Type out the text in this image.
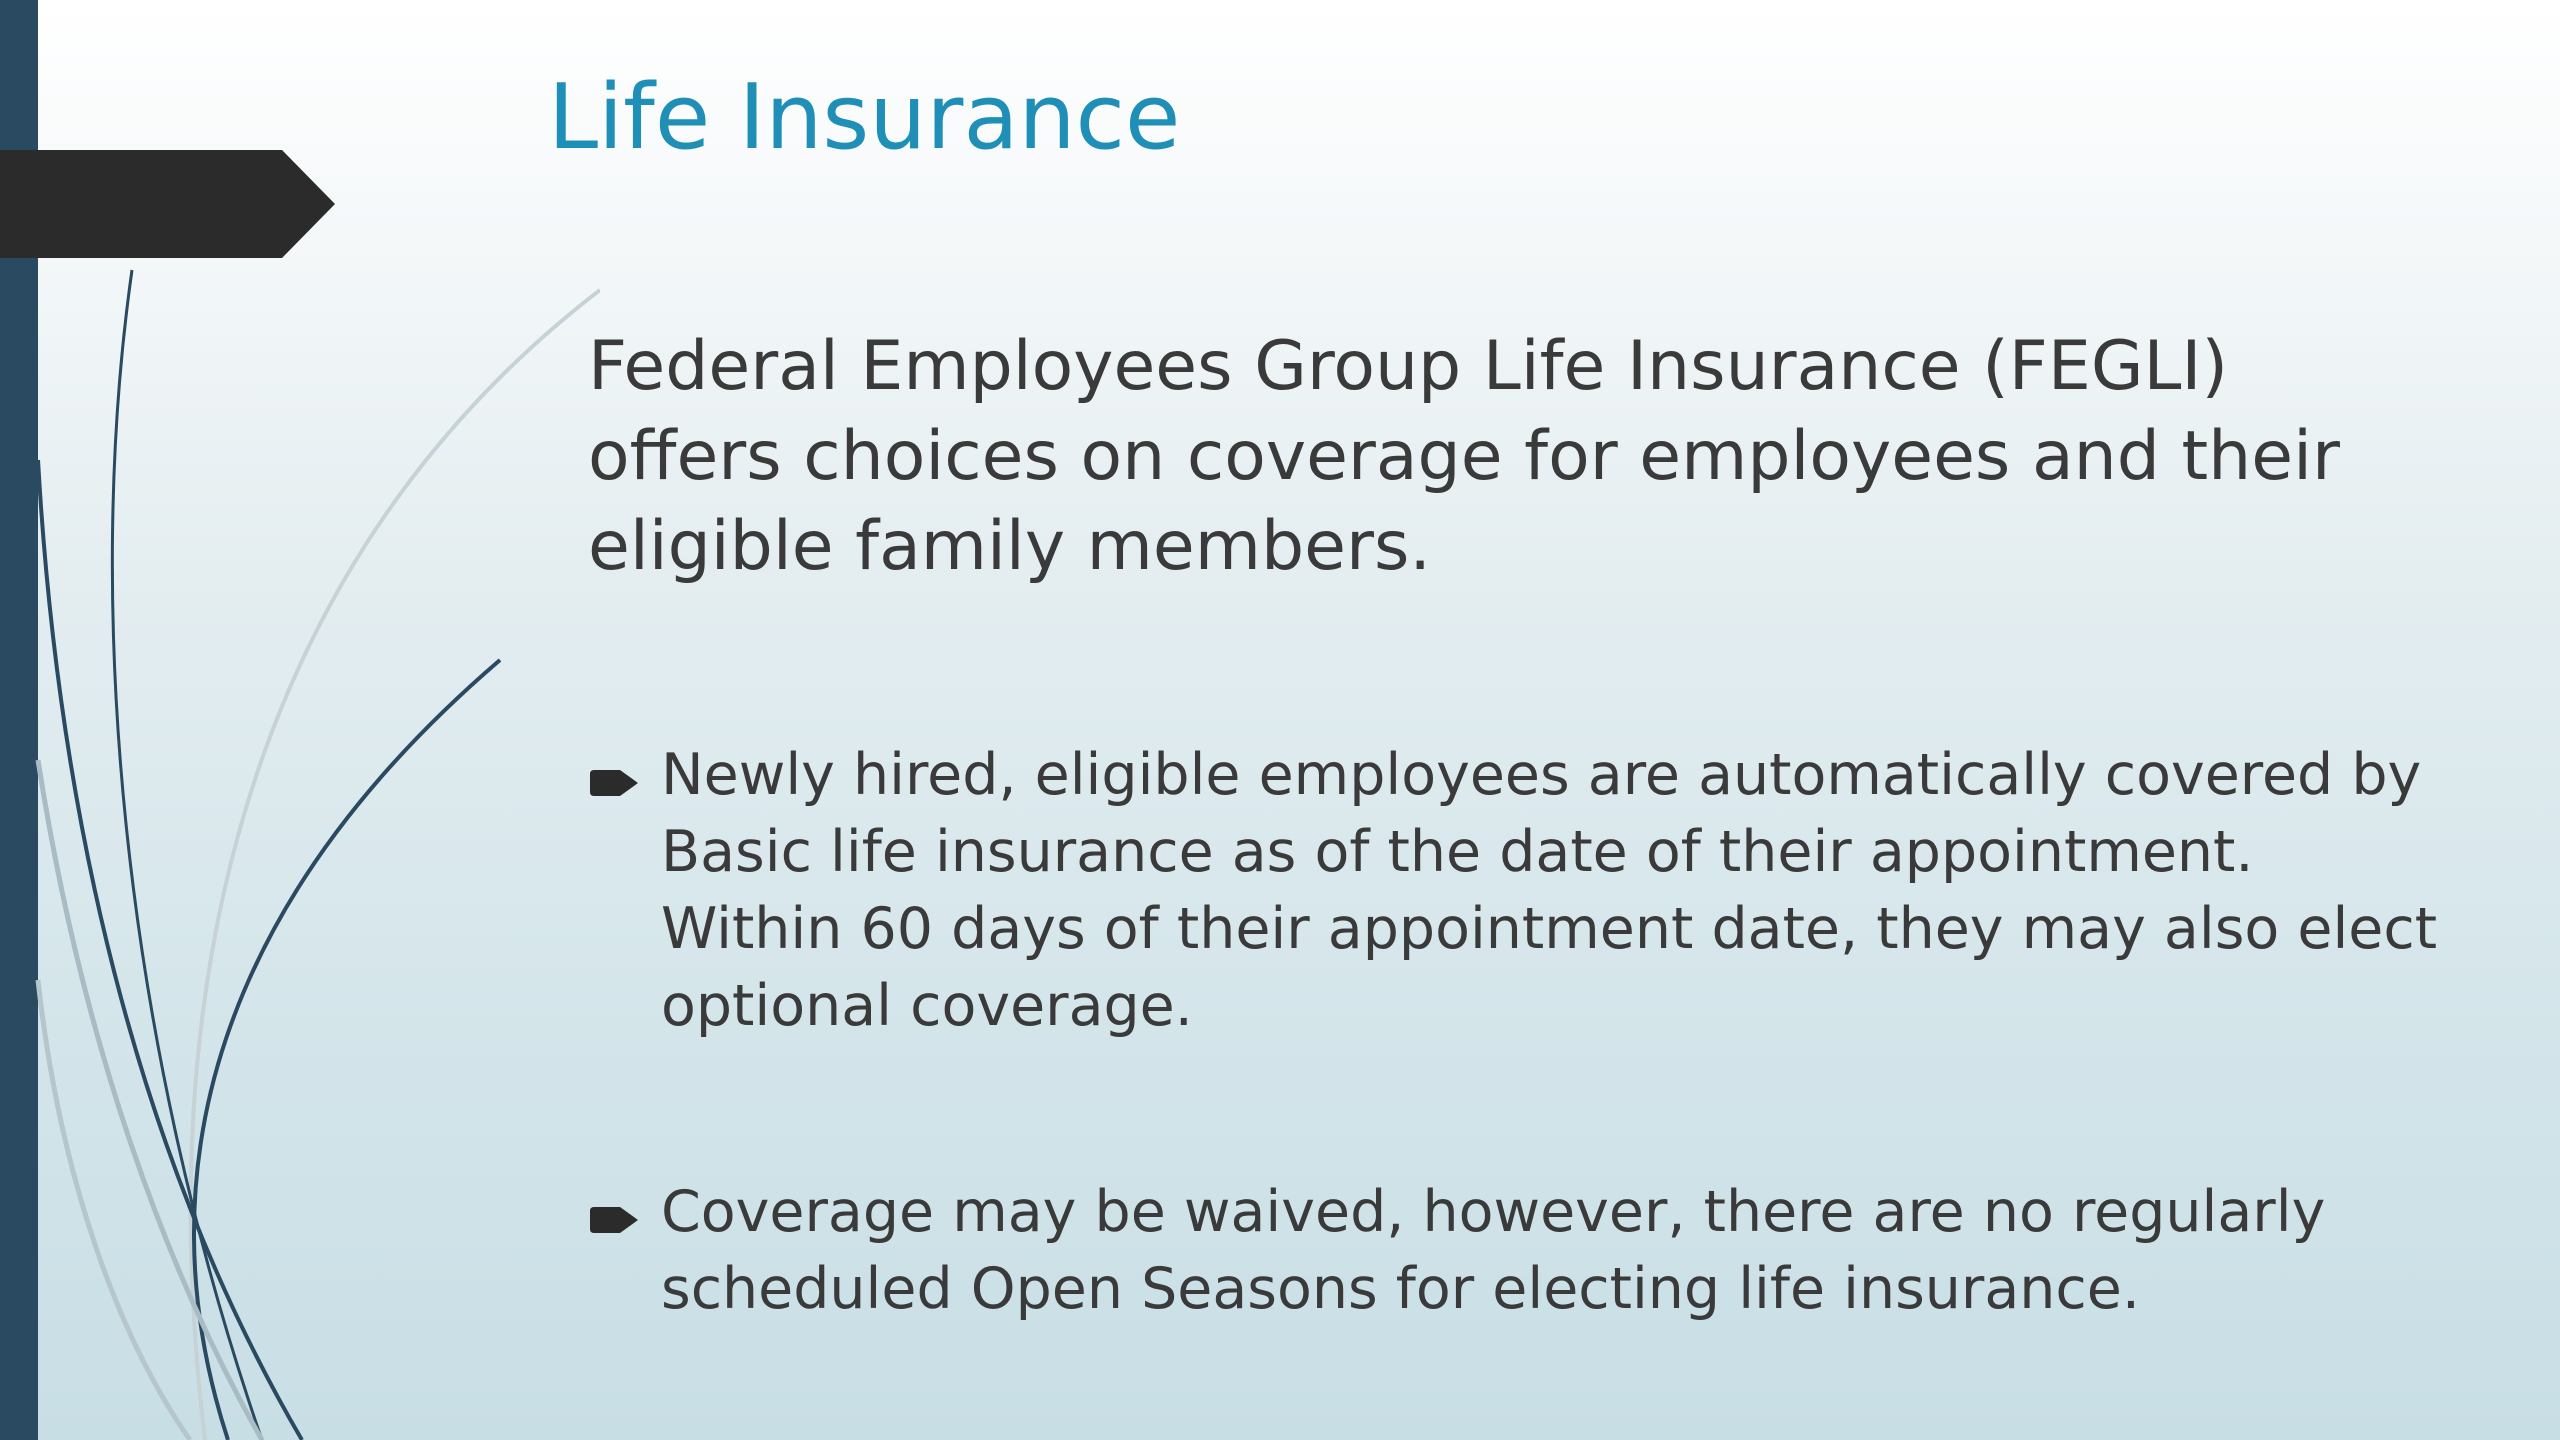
Life Insurance

Federal Employees Group Life Insurance (FEGLI) offers choices on coverage for employees and their eligible family members.

Newly hired, eligible employees are automatically covered by Basic life insurance as of the date of their appointment. Within 60 days of their appointment date, they may also elect optional coverage.
Coverage may be waived, however, there are no regularly scheduled Open Seasons for electing life insurance.
